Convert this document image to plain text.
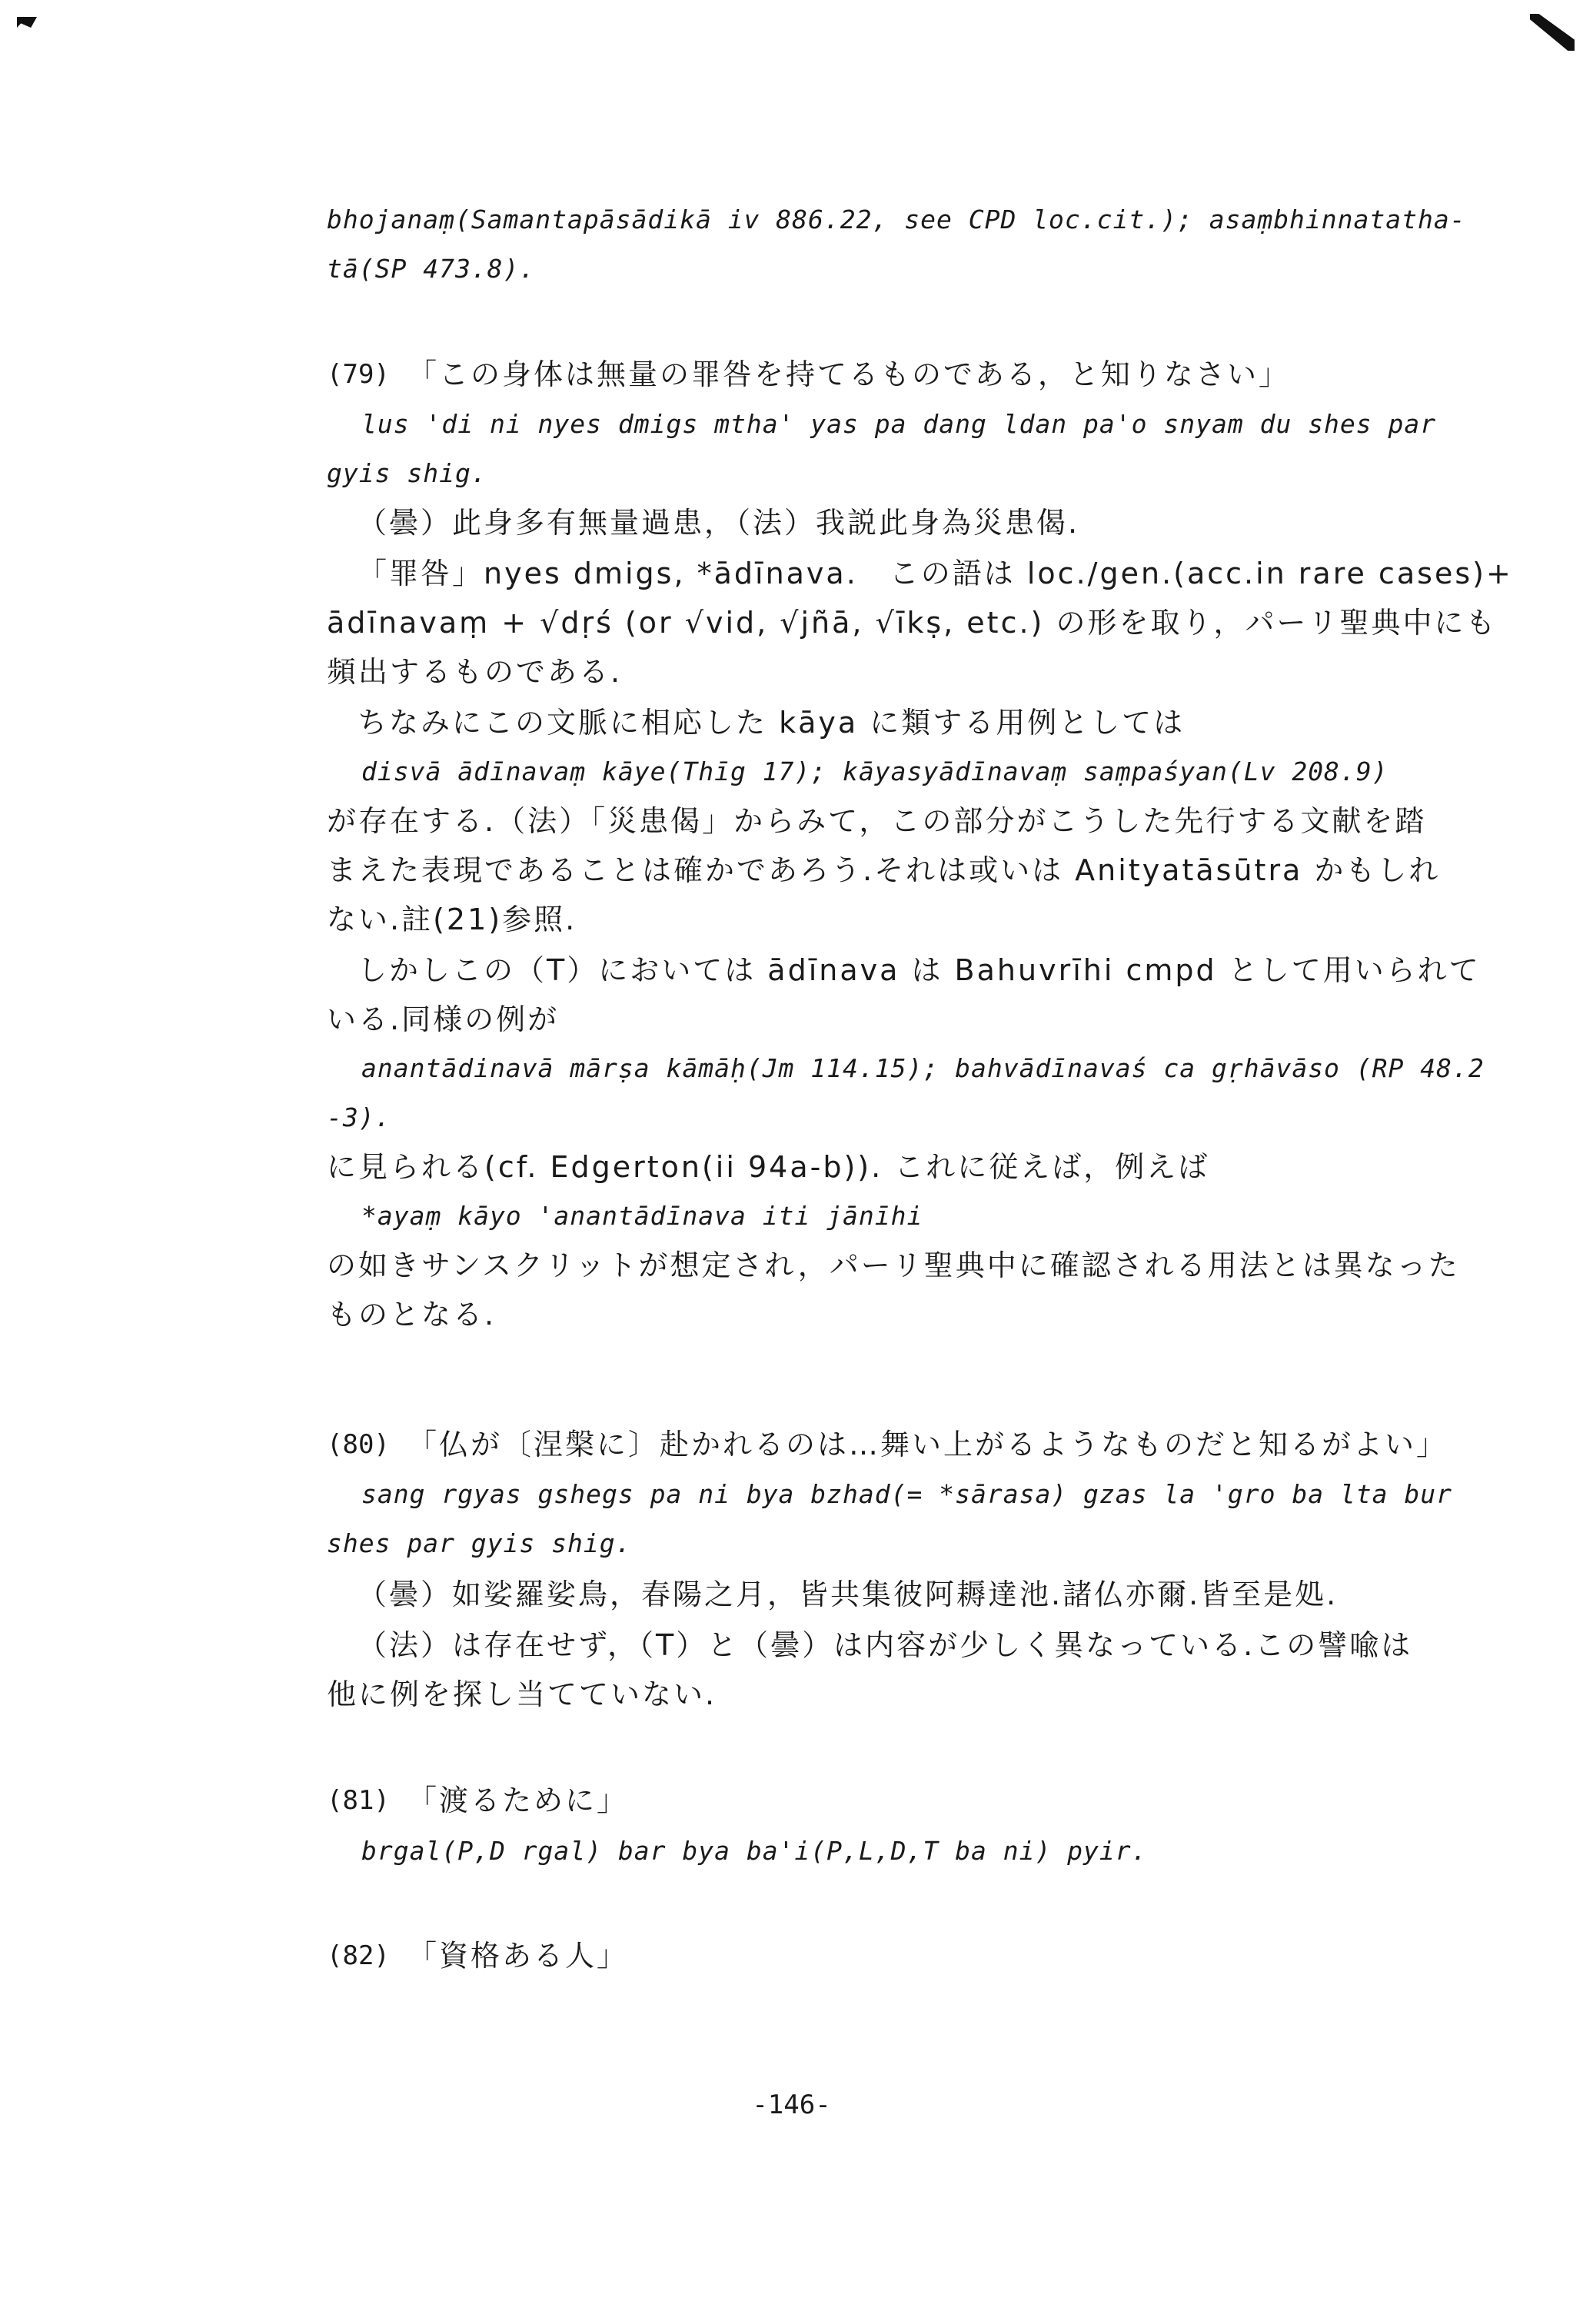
bhojanaṃ(Samantapāsādikā iv 886.22, see CPD loc.cit.); asaṃbhinnatatha-
tā(SP 473.8).
(79) 「この身体は無量の罪咎を持てるものである，と知りなさい」
lus 'di ni nyes dmigs mtha' yas pa dang ldan pa'o snyam du shes par
gyis shig.
（曇）此身多有無量過患，（法）我説此身為災患偈.
「罪咎」nyes dmigs, *ādīnava.　この語は loc./gen.(acc.in rare cases)+
ādīnavaṃ + √dṛś (or √vid, √jñā, √īkṣ, etc.) の形を取り，パーリ聖典中にも
頻出するものである.
ちなみにこの文脈に相応した kāya に類する用例としては
disvā ādīnavaṃ kāye(Thīg 17); kāyasyādīnavaṃ saṃpaśyan(Lv 208.9)
が存在する.（法）「災患偈」からみて，この部分がこうした先行する文献を踏
まえた表現であることは確かであろう.それは或いは Anityatāsūtra かもしれ
ない.註(21)参照.
しかしこの（T）においては ādīnava は Bahuvrīhi cmpd として用いられて
いる.同様の例が
anantādinavā mārṣa kāmāḥ(Jm 114.15); bahvādīnavaś ca gṛhāvāso (RP 48.2
-3).
に見られる(cf. Edgerton(ii 94a-b)). これに従えば，例えば
*ayaṃ kāyo 'anantādīnava iti jānīhi
の如きサンスクリットが想定され，パーリ聖典中に確認される用法とは異なった
ものとなる.
(80) 「仏が〔涅槃に〕赴かれるのは…舞い上がるようなものだと知るがよい」
sang rgyas gshegs pa ni bya bzhad(= *sārasa) gzas la 'gro ba lta bur
shes par gyis shig.
（曇）如娑羅娑鳥，春陽之月，皆共集彼阿耨達池.諸仏亦爾.皆至是処.
（法）は存在せず，（T）と（曇）は内容が少しく異なっている.この譬喩は
他に例を探し当てていない.
(81) 「渡るために」
brgal(P,D rgal) bar bya ba'i(P,L,D,T ba ni) pyir.
(82) 「資格ある人」
-146-
